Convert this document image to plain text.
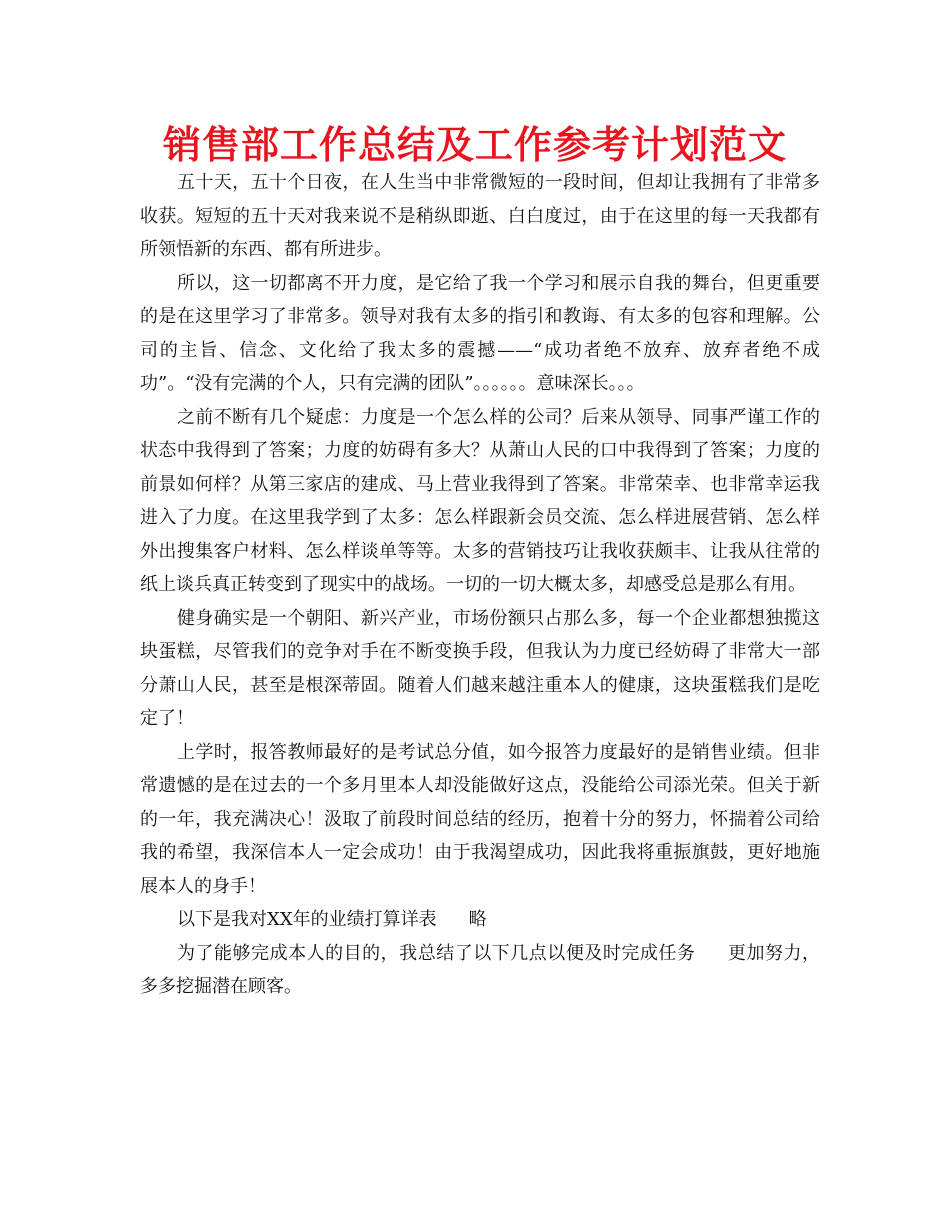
销售部工作总结及工作参考计划范文

五十天，五十个日夜，在人生当中非常微短的一段时间，但却让我拥有了非常多收获。短短的五十天对我来说不是稍纵即逝、白白度过，由于在这里的每一天我都有所领悟新的东西、都有所进步。

所以，这一切都离不开力度，是它给了我一个学习和展示自我的舞台，但更重要的是在这里学习了非常多。领导对我有太多的指引和教诲、有太多的包容和理解。公司的主旨、信念、文化给了我太多的震撼——“成功者绝不放弃、放弃者绝不成功”。“没有完满的个人，只有完满的团队”。。。。。。意味深长。。。

之前不断有几个疑虑：力度是一个怎么样的公司？后来从领导、同事严谨工作的状态中我得到了答案；力度的妨碍有多大？从萧山人民的口中我得到了答案；力度的前景如何样？从第三家店的建成、马上营业我得到了答案。非常荣幸、也非常幸运我进入了力度。在这里我学到了太多：怎么样跟新会员交流、怎么样进展营销、怎么样外出搜集客户材料、怎么样谈单等等。太多的营销技巧让我收获颇丰、让我从往常的纸上谈兵真正转变到了现实中的战场。一切的一切大概太多，却感受总是那么有用。

健身确实是一个朝阳、新兴产业，市场份额只占那么多，每一个企业都想独揽这块蛋糕，尽管我们的竞争对手在不断变换手段，但我认为力度已经妨碍了非常大一部分萧山人民，甚至是根深蒂固。随着人们越来越注重本人的健康，这块蛋糕我们是吃定了！

上学时，报答教师最好的是考试总分值，如今报答力度最好的是销售业绩。但非常遗憾的是在过去的一个多月里本人却没能做好这点，没能给公司添光荣。但关于新的一年，我充满决心！汲取了前段时间总结的经历，抱着十分的努力，怀揣着公司给我的希望，我深信本人一定会成功！由于我渴望成功，因此我将重振旗鼓，更好地施展本人的身手！

以下是我对XX年的业绩打算详表 略

为了能够完成本人的目的，我总结了以下几点以便及时完成任务 更加努力，多多挖掘潜在顾客。
